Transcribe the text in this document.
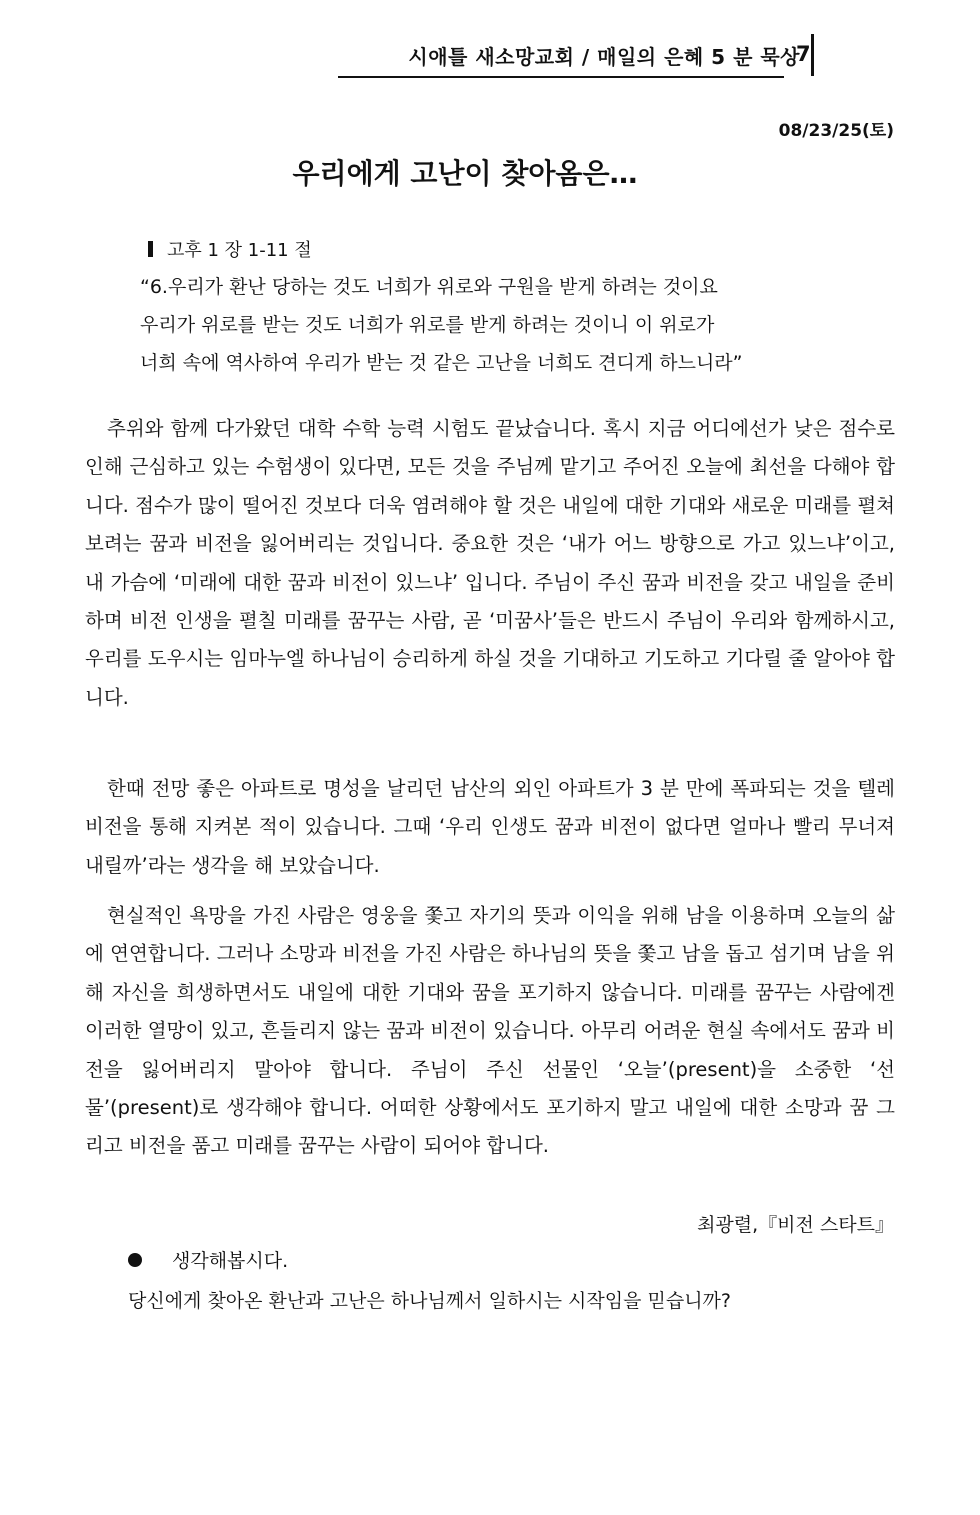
시애틀 새소망교회 / 매일의 은혜 5 분 묵상
7
08/23/25(토)
우리에게 고난이 찾아옴은…
고후 1 장 1-11 절
“6.우리가 환난 당하는 것도 너희가 위로와 구원을 받게 하려는 것이요
우리가 위로를 받는 것도 너희가 위로를 받게 하려는 것이니 이 위로가
너희 속에 역사하여 우리가 받는 것 같은 고난을 너희도 견디게 하느니라”

추위와 함께 다가왔던 대학 수학 능력 시험도 끝났습니다. 혹시 지금 어디에선가 낮은 점수로 인해 근심하고 있는 수험생이 있다면, 모든 것을 주님께 맡기고 주어진 오늘에 최선을 다해야 합니다. 점수가 많이 떨어진 것보다 더욱 염려해야 할 것은 내일에 대한 기대와 새로운 미래를 펼쳐 보려는 꿈과 비전을 잃어버리는 것입니다. 중요한 것은 ‘내가 어느 방향으로 가고 있느냐’이고, 내 가슴에 ‘미래에 대한 꿈과 비전이 있느냐’ 입니다. 주님이 주신 꿈과 비전을 갖고 내일을 준비하며 비전 인생을 펼칠 미래를 꿈꾸는 사람, 곧 ‘미꿈사’들은 반드시 주님이 우리와 함께하시고, 우리를 도우시는 임마누엘 하나님이 승리하게 하실 것을 기대하고 기도하고 기다릴 줄 알아야 합니다.

한때 전망 좋은 아파트로 명성을 날리던 남산의 외인 아파트가 3 분 만에 폭파되는 것을 텔레비전을 통해 지켜본 적이 있습니다. 그때 ‘우리 인생도 꿈과 비전이 없다면 얼마나 빨리 무너져 내릴까’라는 생각을 해 보았습니다.

현실적인 욕망을 가진 사람은 영웅을 쫓고 자기의 뜻과 이익을 위해 남을 이용하며 오늘의 삶에 연연합니다. 그러나 소망과 비전을 가진 사람은 하나님의 뜻을 쫓고 남을 돕고 섬기며 남을 위해 자신을 희생하면서도 내일에 대한 기대와 꿈을 포기하지 않습니다. 미래를 꿈꾸는 사람에겐 이러한 열망이 있고, 흔들리지 않는 꿈과 비전이 있습니다. 아무리 어려운 현실 속에서도 꿈과 비전을 잃어버리지 말아야 합니다. 주님이 주신 선물인 ‘오늘’(present)을 소중한 ‘선물’(present)로 생각해야 합니다. 어떠한 상황에서도 포기하지 말고 내일에 대한 소망과 꿈 그리고 비전을 품고 미래를 꿈꾸는 사람이 되어야 합니다.

최광렬,『비전 스타트』
생각해봅시다.
당신에게 찾아온 환난과 고난은 하나님께서 일하시는 시작임을 믿습니까?
